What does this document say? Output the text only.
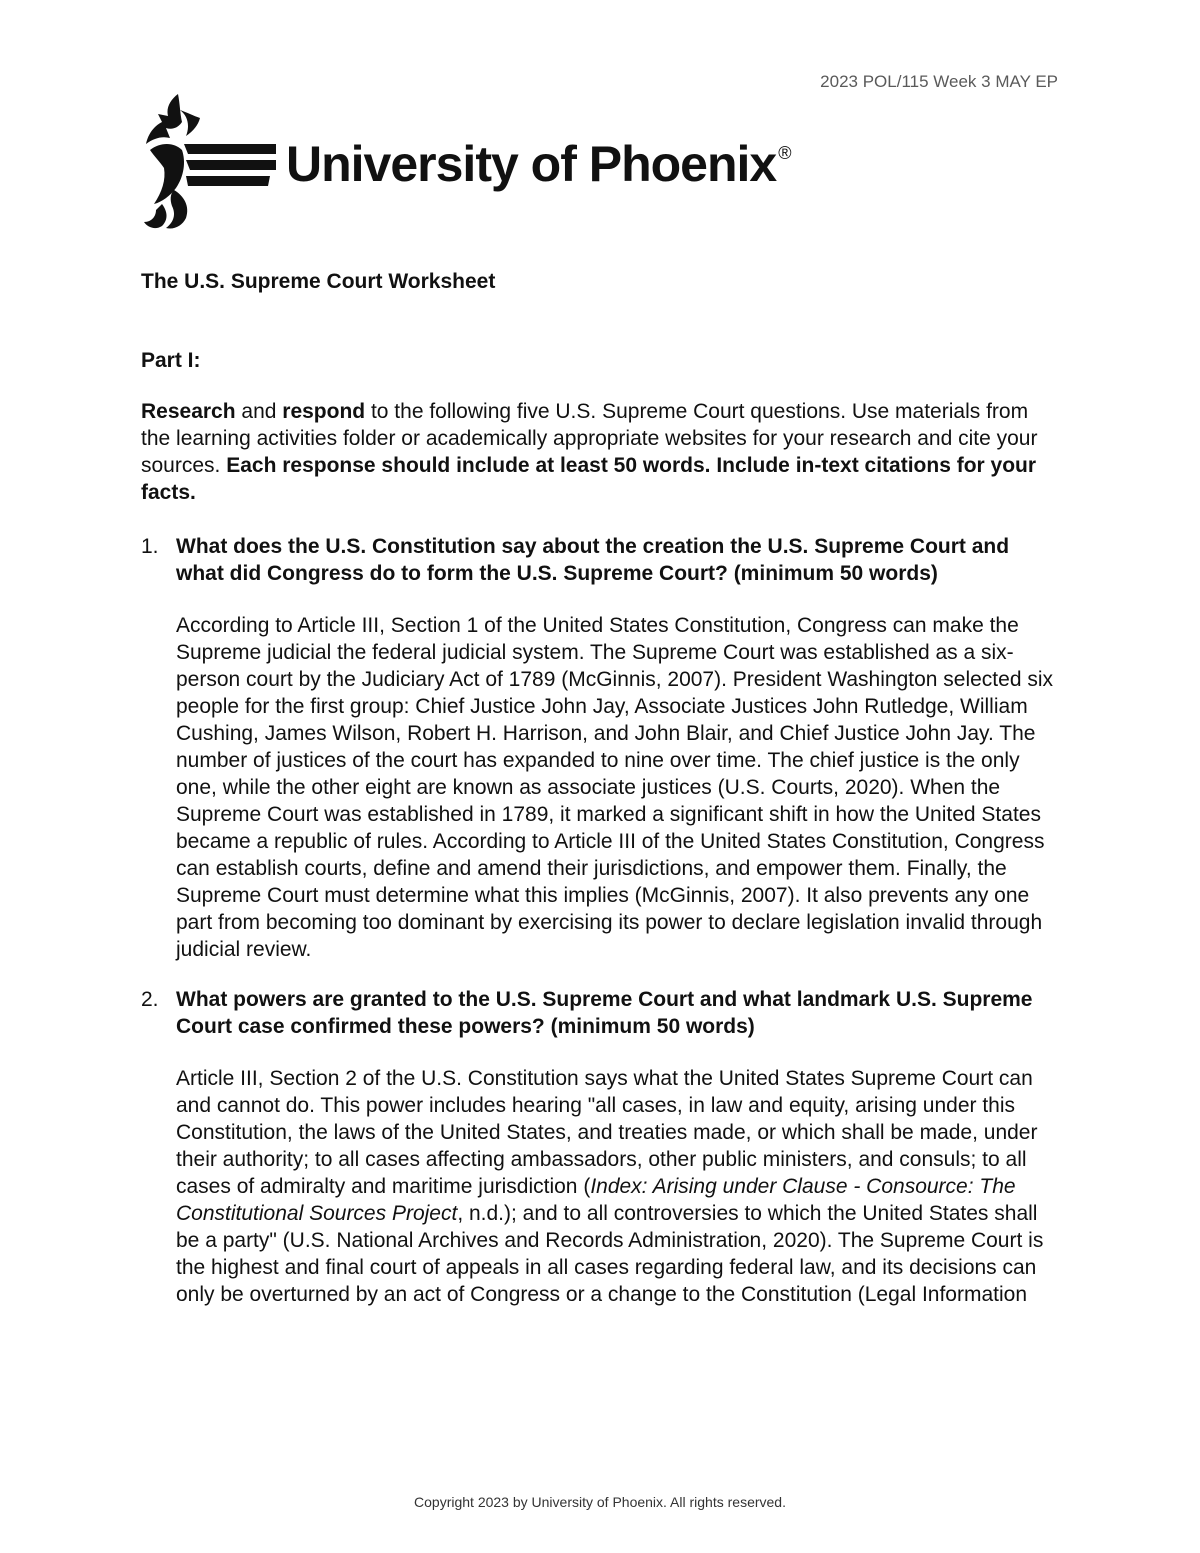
2023 POL/115 Week 3 MAY EP
University of Phoenix ®

The U.S. Supreme Court Worksheet

Part I:

Research and respond to the following five U.S. Supreme Court questions. Use materials from the learning activities folder or academically appropriate websites for your research and cite your sources. Each response should include at least 50 words. Include in-text citations for your facts.

1. What does the U.S. Constitution say about the creation the U.S. Supreme Court and what did Congress do to form the U.S. Supreme Court? (minimum 50 words)

According to Article III, Section 1 of the United States Constitution, Congress can make the Supreme judicial the federal judicial system. The Supreme Court was established as a six-person court by the Judiciary Act of 1789 (McGinnis, 2007). President Washington selected six people for the first group: Chief Justice John Jay, Associate Justices John Rutledge, William Cushing, James Wilson, Robert H. Harrison, and John Blair, and Chief Justice John Jay. The number of justices of the court has expanded to nine over time. The chief justice is the only one, while the other eight are known as associate justices (U.S. Courts, 2020). When the Supreme Court was established in 1789, it marked a significant shift in how the United States became a republic of rules. According to Article III of the United States Constitution, Congress can establish courts, define and amend their jurisdictions, and empower them. Finally, the Supreme Court must determine what this implies (McGinnis, 2007). It also prevents any one part from becoming too dominant by exercising its power to declare legislation invalid through judicial review.

2. What powers are granted to the U.S. Supreme Court and what landmark U.S. Supreme Court case confirmed these powers? (minimum 50 words)

Article III, Section 2 of the U.S. Constitution says what the United States Supreme Court can and cannot do. This power includes hearing "all cases, in law and equity, arising under this Constitution, the laws of the United States, and treaties made, or which shall be made, under their authority; to all cases affecting ambassadors, other public ministers, and consuls; to all cases of admiralty and maritime jurisdiction (Index: Arising under Clause - Consource: The Constitutional Sources Project, n.d.); and to all controversies to which the United States shall be a party" (U.S. National Archives and Records Administration, 2020). The Supreme Court is the highest and final court of appeals in all cases regarding federal law, and its decisions can only be overturned by an act of Congress or a change to the Constitution (Legal Information

Copyright 2023 by University of Phoenix. All rights reserved.
